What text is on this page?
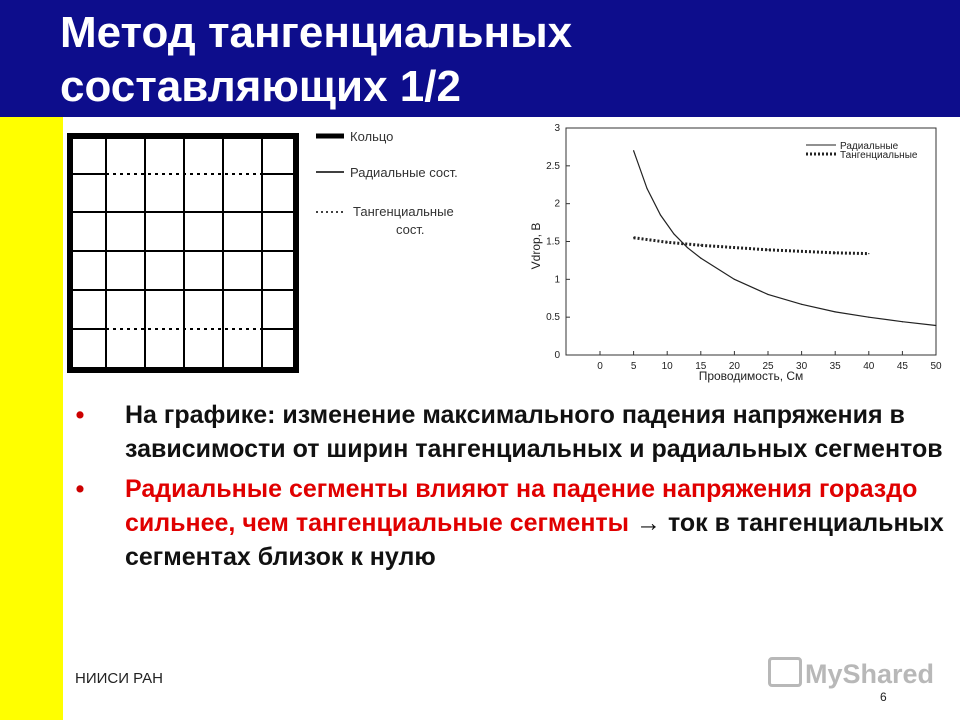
Метод тангенциальных
составляющих 1/2
Кольцо
Радиальные сост.
Тангенциальные
сост.
0	5	10 15 20 25 30 35 40 45 50
0
0.5
1
1.5
2
2.5
3
Проводимость, См
Vdrop, В
Радиальные
Тангенциальные
• На графике: изменение максимального падения напряжения в зависимости от ширин тангенциальных и радиальных сегментов
• Радиальные сегменты влияют на падение напряжения гораздо сильнее, чем тангенциальные сегменты → ток в тангенциальных сегментах близок к нулю
НИИСИ РАН	MyShared
6
